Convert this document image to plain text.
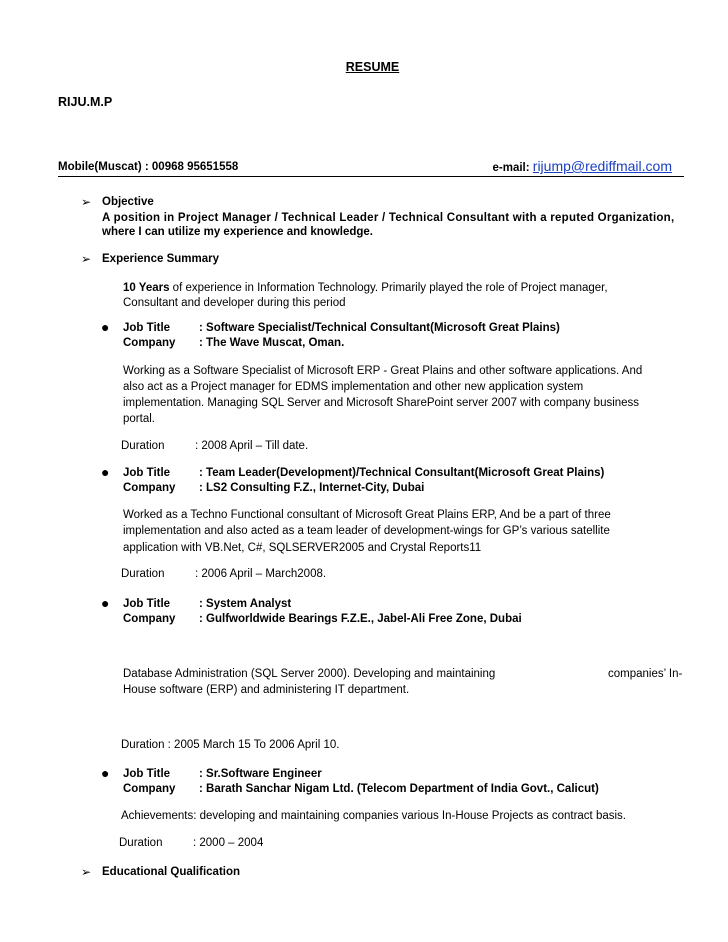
RESUME
RIJU.M.P
Mobile(Muscat) : 00968 95651558	e-mail: rijump@rediffmail.com
➢ Objective
A position in Project Manager / Technical Leader / Technical Consultant with a reputed Organization,
where I can utilize my experience and knowledge.
➢ Experience Summary
10 Years of experience in Information Technology. Primarily played the role of Project manager,
Consultant and developer during this period
● Job Title	: Software Specialist/Technical Consultant(Microsoft Great Plains)
Company : The Wave Muscat, Oman.
Working as a Software Specialist of Microsoft ERP - Great Plains and other software applications. And
also act as a Project manager for EDMS implementation and other new application system
implementation. Managing SQL Server and Microsoft SharePoint server 2007 with company business
portal.
Duration	: 2008 April – Till date.
● Job Title	: Team Leader(Development)/Technical Consultant(Microsoft Great Plains)
Company : LS2 Consulting F.Z., Internet-City, Dubai
Worked as a Techno Functional consultant of Microsoft Great Plains ERP, And be a part of three
implementation and also acted as a team leader of development-wings for GP’s various satellite
application with VB.Net, C#, SQLSERVER2005 and Crystal Reports11
Duration	: 2006 April – March2008.
● Job Title	: System Analyst
Company : Gulfworldwide Bearings F.Z.E., Jabel-Ali Free Zone, Dubai
Database Administration (SQL Server 2000). Developing and maintaining	companies’ In-
House software (ERP) and administering IT department.
Duration : 2005 March 15 To 2006 April 10.
● Job Title	: Sr.Software Engineer
Company : Barath Sanchar Nigam Ltd. (Telecom Department of India Govt., Calicut)
Achievements: developing and maintaining companies various In-House Projects as contract basis.
Duration	: 2000 – 2004
➢ Educational Qualification
